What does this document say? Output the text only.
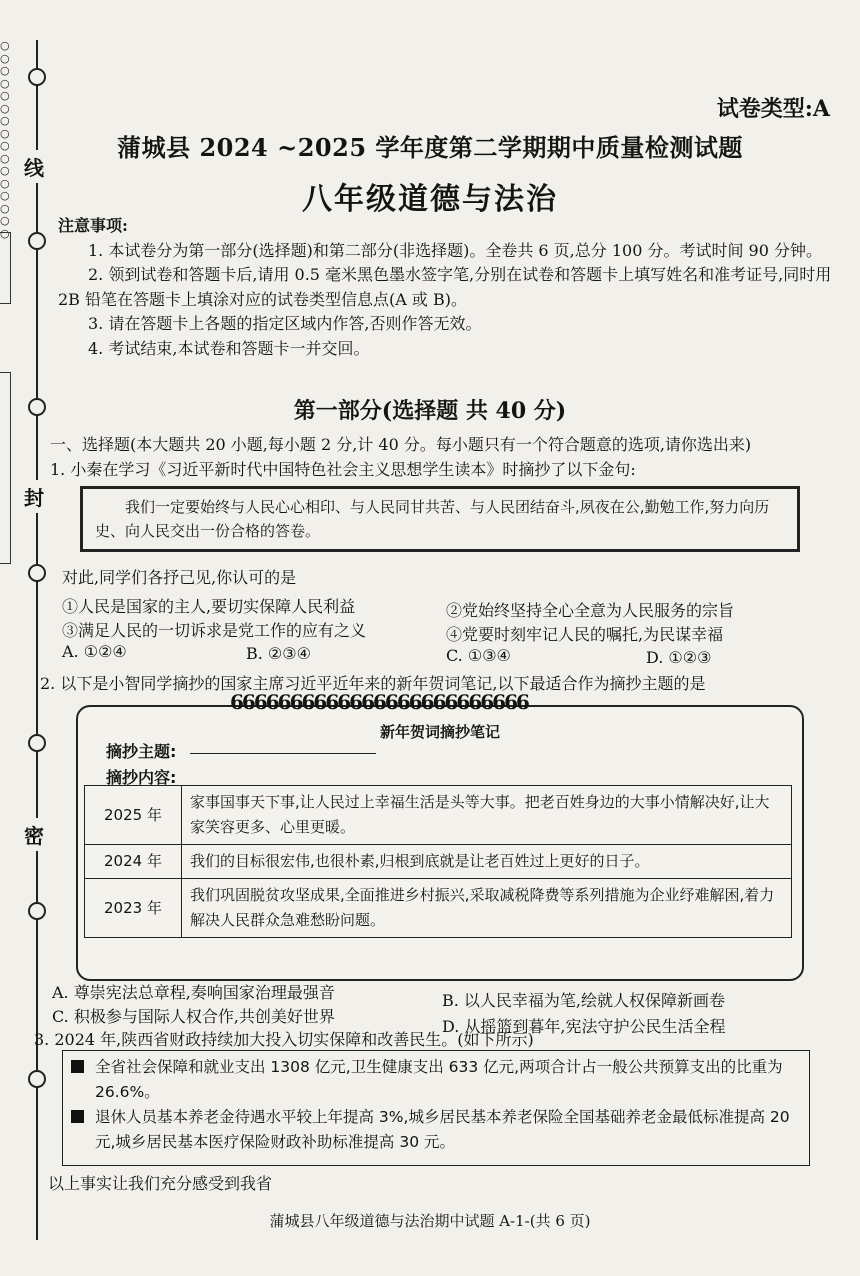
○
○
○
○
○
○
○
○
○
○
○
○
○
○
○
○
线
封
密
试卷类型:A
蒲城县 2024 ~2025 学年度第二学期期中质量检测试题
八年级道德与法治
注意事项:
1. 本试卷分为第一部分(选择题)和第二部分(非选择题)。全卷共 6 页,总分 100 分。考试时间 90 分钟。
2. 领到试卷和答题卡后,请用 0.5 毫米黑色墨水签字笔,分别在试卷和答题卡上填写姓名和准考证号,同时用 2B 铅笔在答题卡上填涂对应的试卷类型信息点(A 或 B)。
3. 请在答题卡上各题的指定区域内作答,否则作答无效。
4. 考试结束,本试卷和答题卡一并交回。
第一部分(选择题 共 40 分)
一、选择题(本大题共 20 小题,每小题 2 分,计 40 分。每小题只有一个符合题意的选项,请你选出来)
1. 小秦在学习《习近平新时代中国特色社会主义思想学生读本》时摘抄了以下金句:
我们一定要始终与人民心心相印、与人民同甘共苦、与人民团结奋斗,夙夜在公,勤勉工作,努力向历史、向人民交出一份合格的答卷。
对此,同学们各抒己见,你认可的是
①人民是国家的主人,要切实保障人民利益	②党始终坚持全心全意为人民服务的宗旨
③满足人民的一切诉求是党工作的应有之义	④党要时刻牢记人民的嘱托,为民谋幸福
A. ①②④	B. ②③④	C. ①③④	D. ①②③
2. 以下是小智同学摘抄的国家主席习近平近年来的新年贺词笔记,以下最适合作为摘抄主题的是
新年贺词摘抄笔记
摘抄主题:
摘抄内容:
2025 年	家事国事天下事,让人民过上幸福生活是头等大事。把老百姓身边的大事小情解决好,让大家笑容更多、心里更暖。
2024 年	我们的目标很宏伟,也很朴素,归根到底就是让老百姓过上更好的日子。
2023 年	我们巩固脱贫攻坚成果,全面推进乡村振兴,采取减税降费等系列措施为企业纾难解困,着力解决人民群众急难愁盼问题。
6666666666666666666666666
A. 尊崇宪法总章程,奏响国家治理最强音	B. 以人民幸福为笔,绘就人权保障新画卷
C. 积极参与国际人权合作,共创美好世界
D. 从摇篮到暮年,宪法守护公民生活全程
3. 2024 年,陕西省财政持续加大投入切实保障和改善民生。(如下所示)
全省社会保障和就业支出 1308 亿元,卫生健康支出 633 亿元,两项合计占一般公共预算支出的比重为 26.6%。
退休人员基本养老金待遇水平较上年提高 3%,城乡居民基本养老保险全国基础养老金最低标准提高 20 元,城乡居民基本医疗保险财政补助标准提高 30 元。
以上事实让我们充分感受到我省
蒲城县八年级道德与法治期中试题 A-1-(共 6 页)
